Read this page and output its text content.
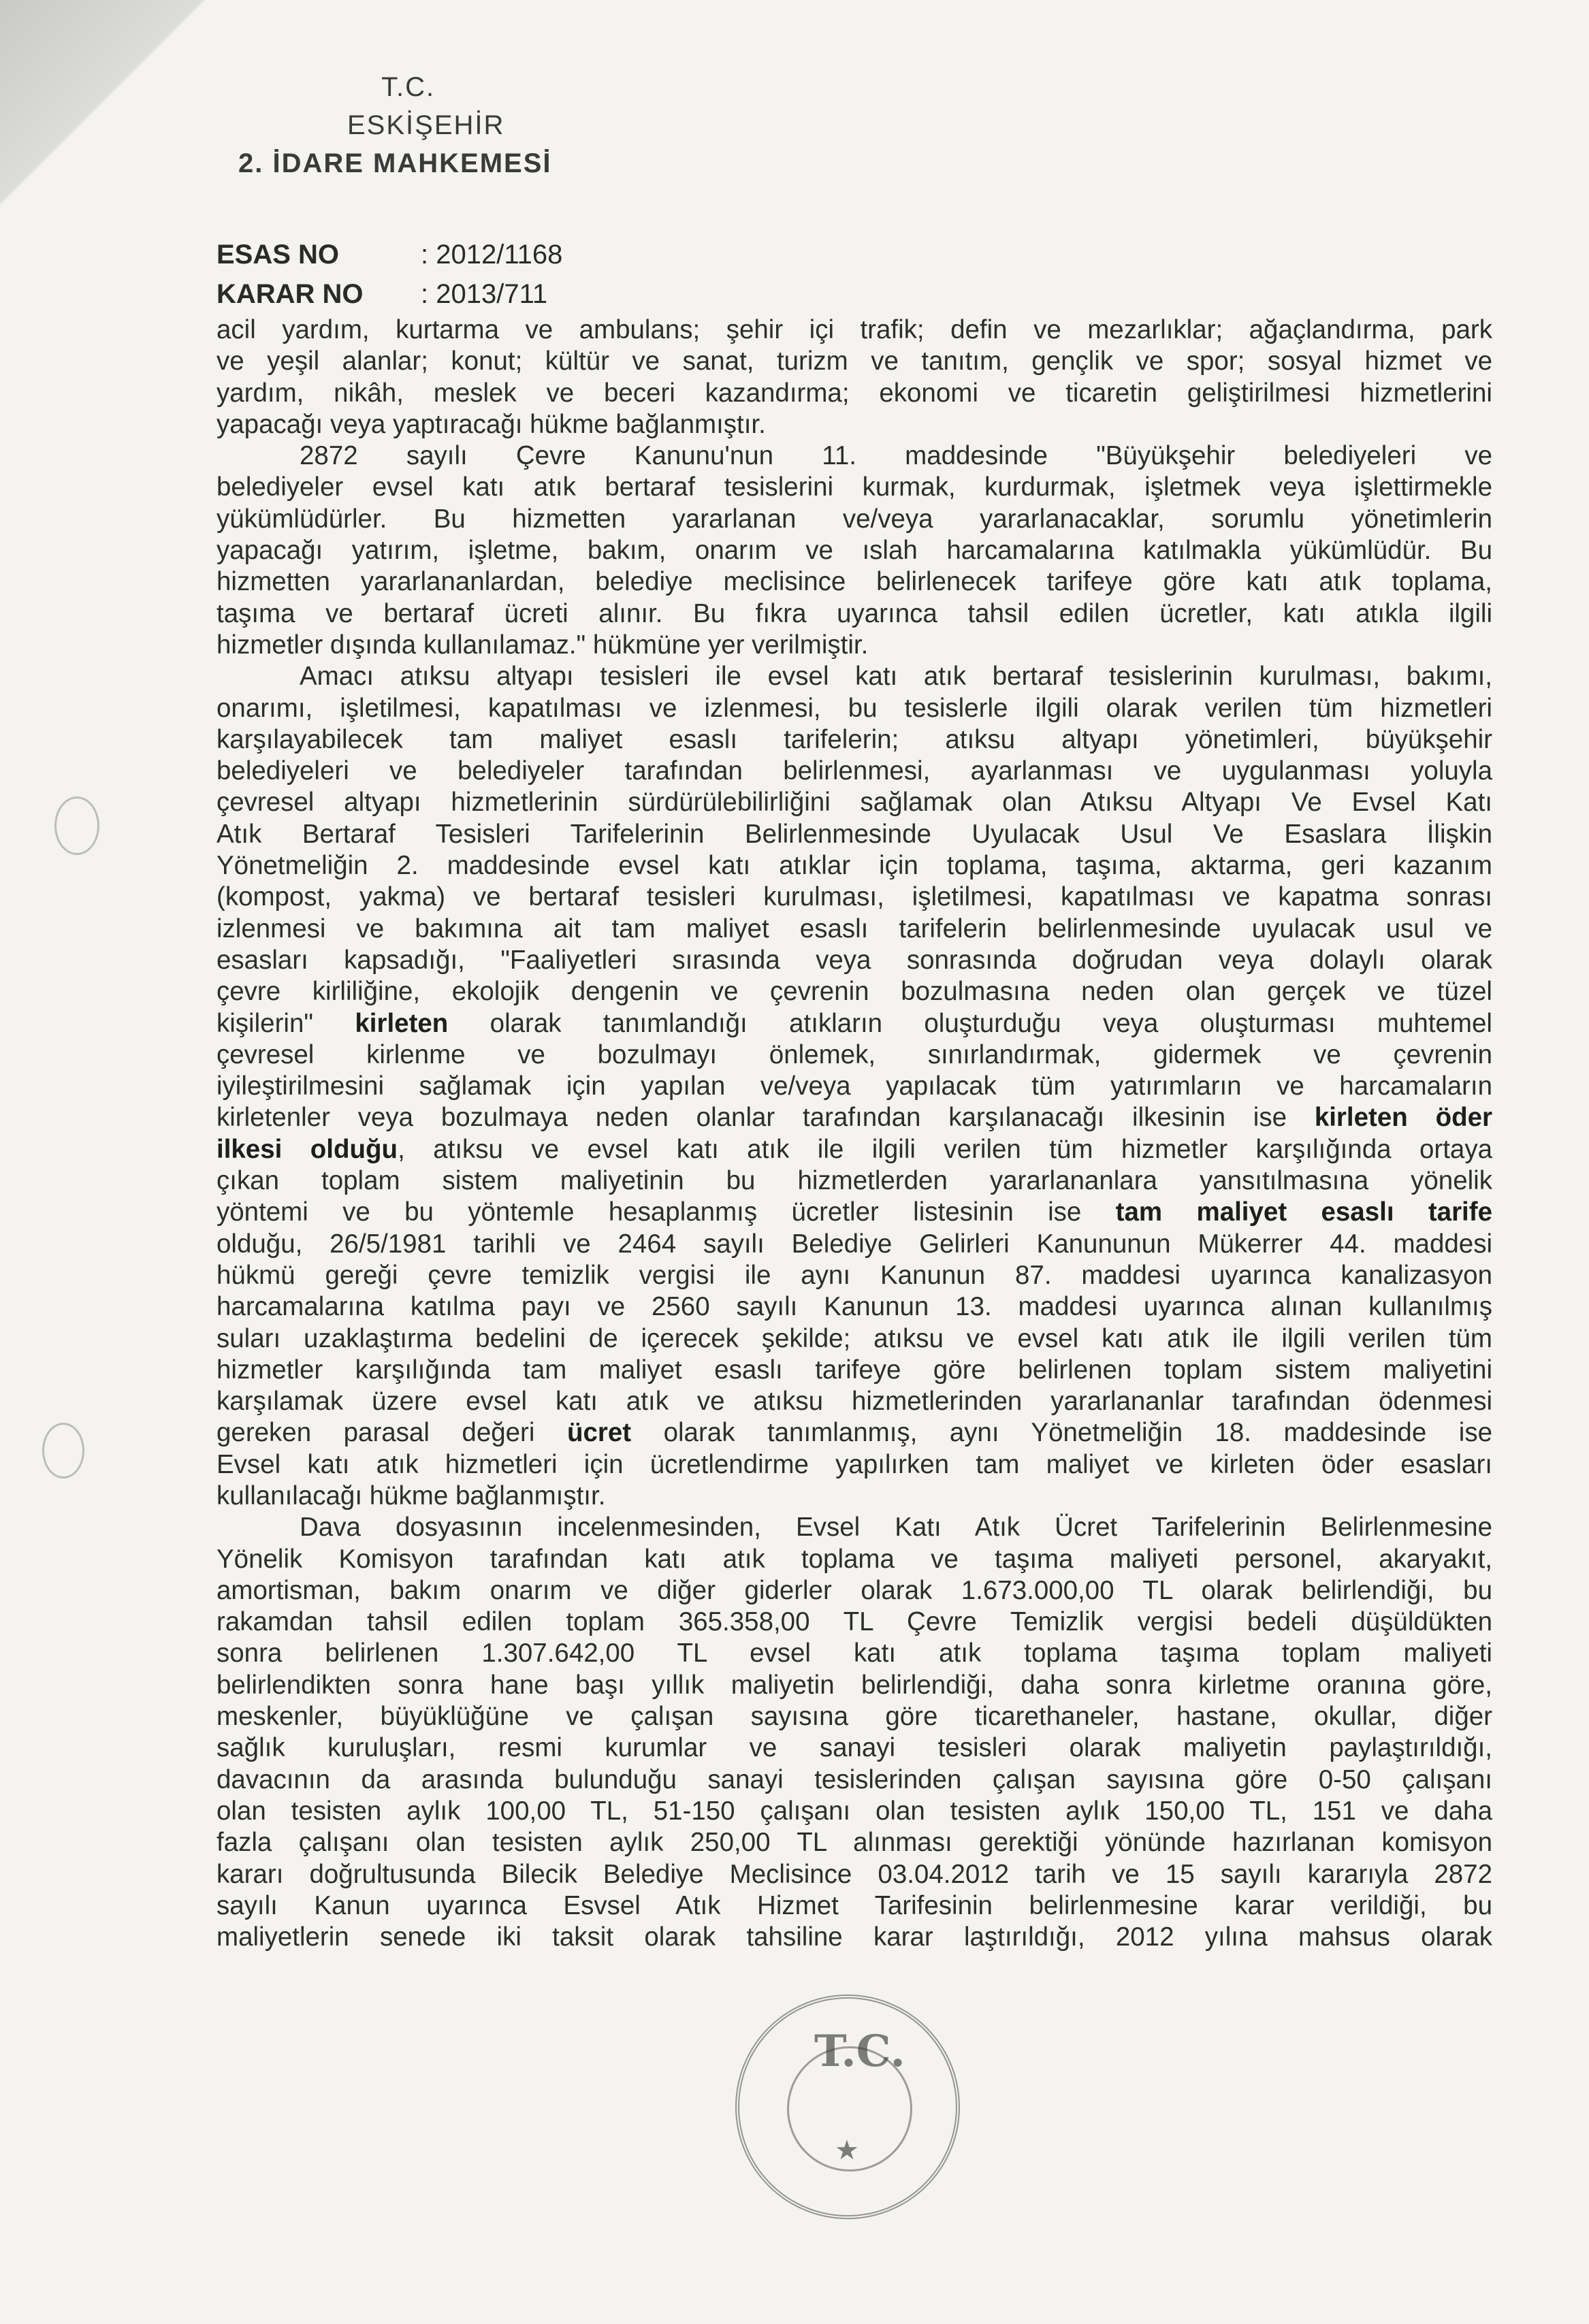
T.C.
ESKİŞEHİR
2. İDARE MAHKEMESİ
ESAS NO	: 2012/1168
KARAR NO : 2013/711

acil yardım, kurtarma ve ambulans; şehir içi trafik; defin ve mezarlıklar; ağaçlandırma, park

ve yeşil alanlar; konut; kültür ve sanat, turizm ve tanıtım, gençlik ve spor; sosyal hizmet ve

yardım, nikâh, meslek ve beceri kazandırma; ekonomi ve ticaretin geliştirilmesi hizmetlerini

yapacağı veya yaptıracağı hükme bağlanmıştır.

2872 sayılı Çevre Kanunu'nun 11. maddesinde "Büyükşehir belediyeleri ve

belediyeler evsel katı atık bertaraf tesislerini kurmak, kurdurmak, işletmek veya işlettirmekle

yükümlüdürler. Bu hizmetten yararlanan ve/veya yararlanacaklar, sorumlu yönetimlerin

yapacağı yatırım, işletme, bakım, onarım ve ıslah harcamalarına katılmakla yükümlüdür. Bu

hizmetten yararlananlardan, belediye meclisince belirlenecek tarifeye göre katı atık toplama,

taşıma ve bertaraf ücreti alınır. Bu fıkra uyarınca tahsil edilen ücretler, katı atıkla ilgili

hizmetler dışında kullanılamaz." hükmüne yer verilmiştir.

Amacı atıksu altyapı tesisleri ile evsel katı atık bertaraf tesislerinin kurulması, bakımı,

onarımı, işletilmesi, kapatılması ve izlenmesi, bu tesislerle ilgili olarak verilen tüm hizmetleri

karşılayabilecek tam maliyet esaslı tarifelerin; atıksu altyapı yönetimleri, büyükşehir

belediyeleri ve belediyeler tarafından belirlenmesi, ayarlanması ve uygulanması yoluyla

çevresel altyapı hizmetlerinin sürdürülebilirliğini sağlamak olan Atıksu Altyapı Ve Evsel Katı

Atık Bertaraf Tesisleri Tarifelerinin Belirlenmesinde Uyulacak Usul Ve Esaslara İlişkin

Yönetmeliğin 2. maddesinde evsel katı atıklar için toplama, taşıma, aktarma, geri kazanım

(kompost, yakma) ve bertaraf tesisleri kurulması, işletilmesi, kapatılması ve kapatma sonrası

izlenmesi ve bakımına ait tam maliyet esaslı tarifelerin belirlenmesinde uyulacak usul ve

esasları kapsadığı, "Faaliyetleri sırasında veya sonrasında doğrudan veya dolaylı olarak

çevre kirliliğine, ekolojik dengenin ve çevrenin bozulmasına neden olan gerçek ve tüzel

kişilerin" kirleten olarak tanımlandığı atıkların oluşturduğu veya oluşturması muhtemel

çevresel kirlenme ve bozulmayı önlemek, sınırlandırmak, gidermek ve çevrenin

iyileştirilmesini sağlamak için yapılan ve/veya yapılacak tüm yatırımların ve harcamaların

kirletenler veya bozulmaya neden olanlar tarafından karşılanacağı ilkesinin ise kirleten öder

ilkesi olduğu, atıksu ve evsel katı atık ile ilgili verilen tüm hizmetler karşılığında ortaya

çıkan toplam sistem maliyetinin bu hizmetlerden yararlananlara yansıtılmasına yönelik

yöntemi ve bu yöntemle hesaplanmış ücretler listesinin ise tam maliyet esaslı tarife

olduğu, 26/5/1981 tarihli ve 2464 sayılı Belediye Gelirleri Kanununun Mükerrer 44. maddesi

hükmü gereği çevre temizlik vergisi ile aynı Kanunun 87. maddesi uyarınca kanalizasyon

harcamalarına katılma payı ve 2560 sayılı Kanunun 13. maddesi uyarınca alınan kullanılmış

suları uzaklaştırma bedelini de içerecek şekilde; atıksu ve evsel katı atık ile ilgili verilen tüm

hizmetler karşılığında tam maliyet esaslı tarifeye göre belirlenen toplam sistem maliyetini

karşılamak üzere evsel katı atık ve atıksu hizmetlerinden yararlananlar tarafından ödenmesi

gereken parasal değeri ücret olarak tanımlanmış, aynı Yönetmeliğin 18. maddesinde ise

Evsel katı atık hizmetleri için ücretlendirme yapılırken tam maliyet ve kirleten öder esasları

kullanılacağı hükme bağlanmıştır.

Dava dosyasının incelenmesinden, Evsel Katı Atık Ücret Tarifelerinin Belirlenmesine

Yönelik Komisyon tarafından katı atık toplama ve taşıma maliyeti personel, akaryakıt,

amortisman, bakım onarım ve diğer giderler olarak 1.673.000,00 TL olarak belirlendiği, bu

rakamdan tahsil edilen toplam 365.358,00 TL Çevre Temizlik vergisi bedeli düşüldükten

sonra belirlenen 1.307.642,00 TL evsel katı atık toplama taşıma toplam maliyeti

belirlendikten sonra hane başı yıllık maliyetin belirlendiği, daha sonra kirletme oranına göre,

meskenler, büyüklüğüne ve çalışan sayısına göre ticarethaneler, hastane, okullar, diğer

sağlık kuruluşları, resmi kurumlar ve sanayi tesisleri olarak maliyetin paylaştırıldığı,

davacının da arasında bulunduğu sanayi tesislerinden çalışan sayısına göre 0-50 çalışanı

olan tesisten aylık 100,00 TL, 51-150 çalışanı olan tesisten aylık 150,00 TL, 151 ve daha

fazla çalışanı olan tesisten aylık 250,00 TL alınması gerektiği yönünde hazırlanan komisyon

kararı doğrultusunda Bilecik Belediye Meclisince 03.04.2012 tarih ve 15 sayılı kararıyla 2872

sayılı Kanun uyarınca Esvsel Atık Hizmet Tarifesinin belirlenmesine karar verildiği, bu

maliyetlerin senede iki taksit olarak tahsiline karar laştırıldığı, 2012 yılına mahsus olarak

T.C.
★
